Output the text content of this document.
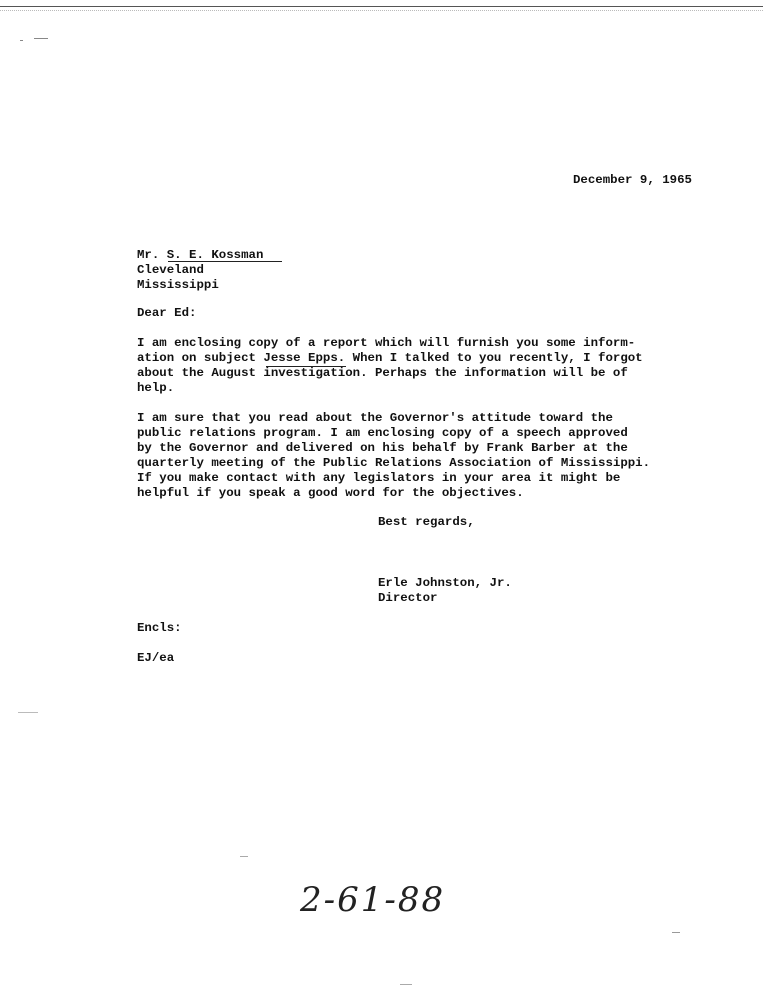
December 9, 1965
Mr. S. E. Kossman
Cleveland
Mississippi
Dear Ed:
I am enclosing copy of a report which will furnish you some inform-
ation on subject Jesse Epps. When I talked to you recently, I forgot
about the August investigation. Perhaps the information will be of
help.
I am sure that you read about the Governor's attitude toward the
public relations program. I am enclosing copy of a speech approved
by the Governor and delivered on his behalf by Frank Barber at the
quarterly meeting of the Public Relations Association of Mississippi.
If you make contact with any legislators in your area it might be
helpful if you speak a good word for the objectives.
Best regards,
Erle Johnston, Jr.
Director
Encls:
EJ/ea
2-61-88
